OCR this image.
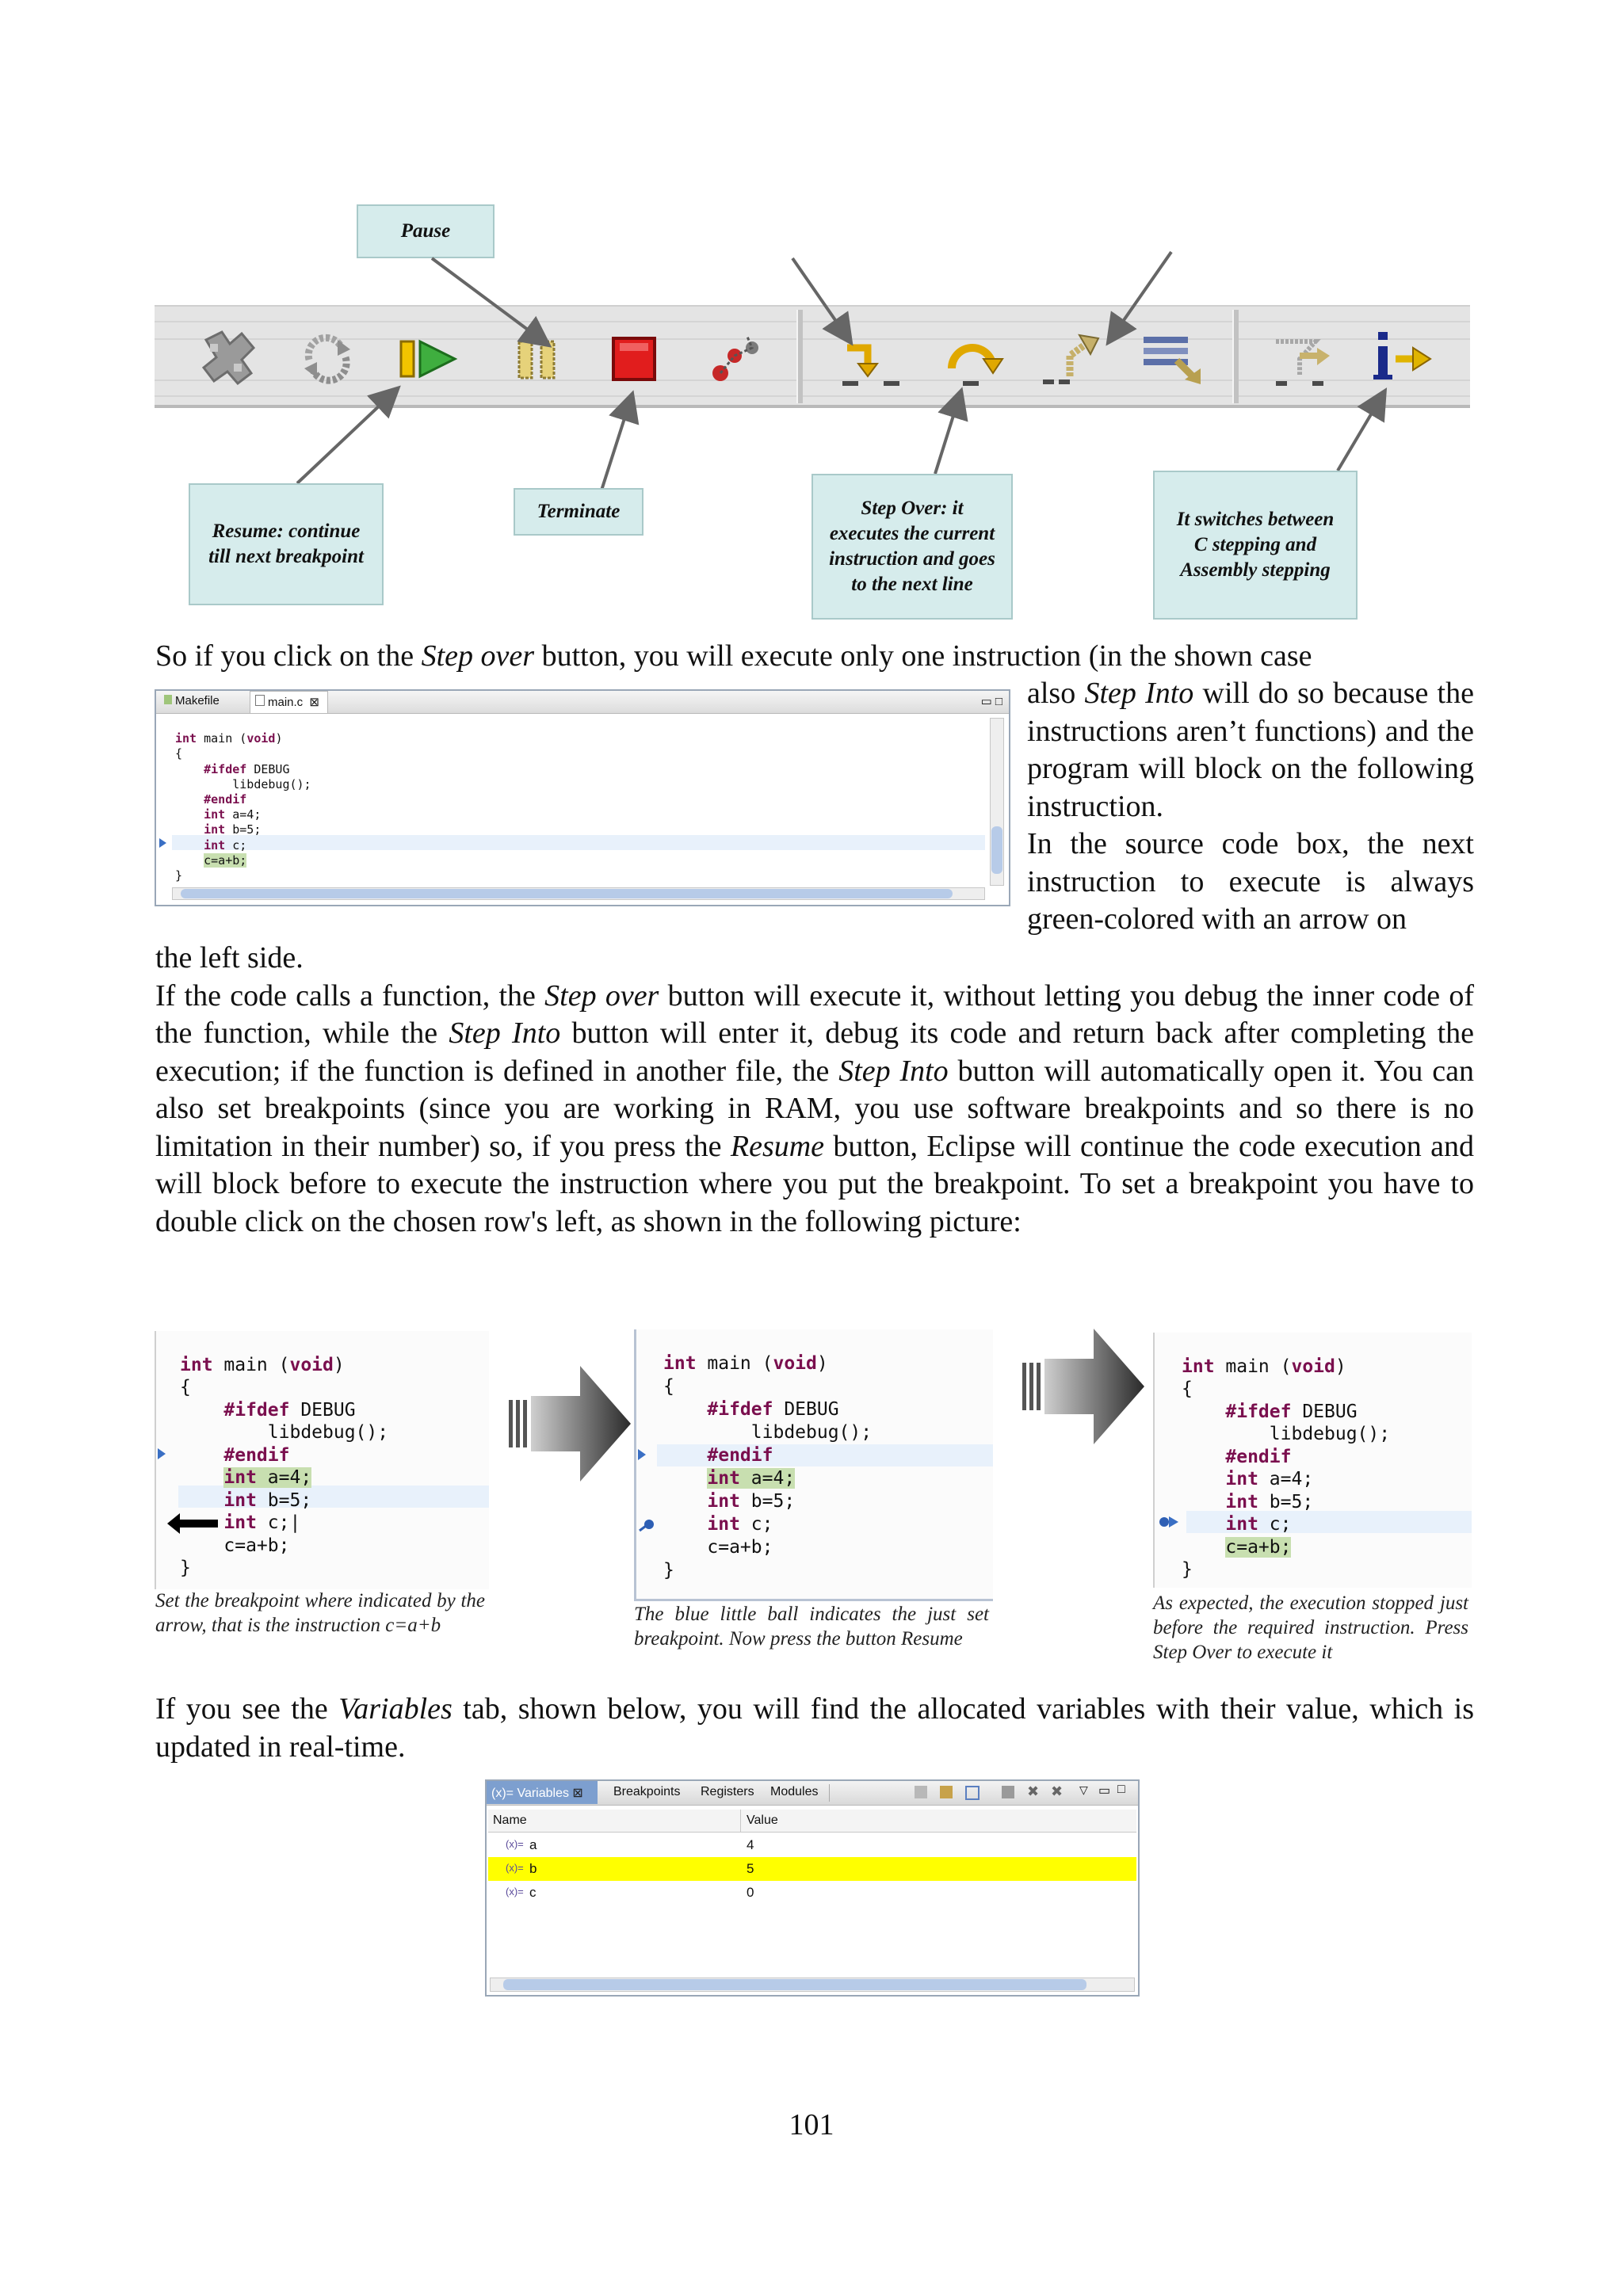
Pause
Resume: continue
till next breakpoint
Terminate	Step Over: it
executes the current
instruction and goes
to the next line
It switches between
C stepping and
Assembly stepping
So if you click on the Step over button, you will execute only one instruction (in the shown case
Makefile	main.c ⊠	▭ □

int main (void)
{
#ifdef DEBUG
libdebug();
#endif
int a=4;
int b=5;
int c;
c=a+b;
}

also Step Into will do so because the instructions aren’t functions) and the program will block on the following instruction.
In the source code box, the next instruction to execute is always green-colored with an arrow on
the left side.
If the code calls a function, the Step over button will execute it, without letting you debug the inner code of the function, while the Step Into button will enter it, debug its code and return back after completing the execution; if the function is defined in another file, the Step Into button will automatically open it. You can also set breakpoints (since you are working in RAM, you use software breakpoints and so there is no limitation in their number) so, if you press the Resume button, Eclipse will continue the code execution and will block before to execute the instruction where you put the breakpoint. To set a breakpoint you have to double click on the chosen row's left, as shown in the following picture:

int main (void)
{
#ifdef DEBUG
libdebug();
#endif
int a=4;
int b=5;
int c;|
c=a+b;
}

Set the breakpoint where indicated by the arrow, that is the instruction c=a+b

int main (void)
{
#ifdef DEBUG
libdebug();
#endif
int a=4;
int b=5;
int c;
c=a+b;
}

The blue little ball indicates the just set breakpoint. Now press the button Resume

int main (void)
{
#ifdef DEBUG
libdebug();
#endif
int a=4;
int b=5;
int c;
c=a+b;
}

As expected, the execution stopped just before the required instruction. Press Step Over to execute it
If you see the Variables tab, shown below, you will find the allocated variables with their value, which is updated in real-time.
(x)= Variables ⊠	Breakpoints Registers Modules	✖ ✖ ▽ ▭ □
Name	Value
(x)= a	4
(x)= b	5
(x)= c	0
101
